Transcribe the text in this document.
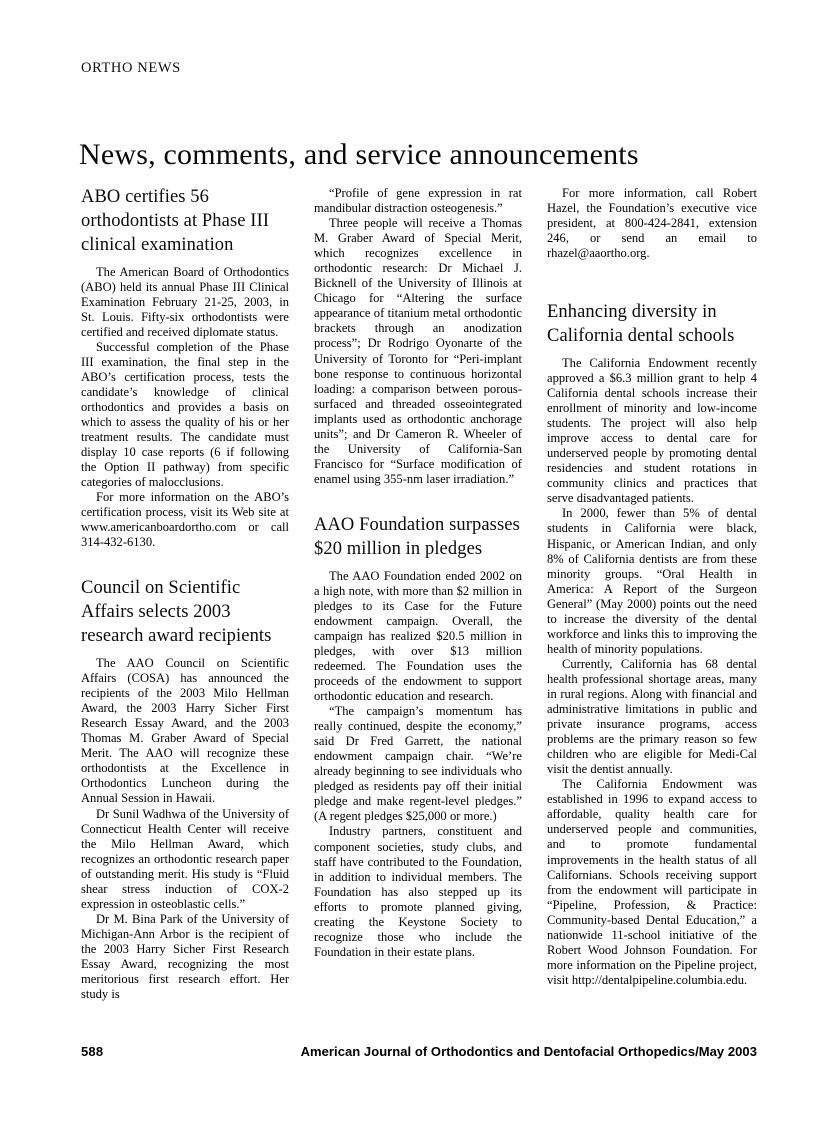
ORTHO NEWS
News, comments, and service announcements
ABO certifies 56 orthodontists at Phase III clinical examination

The American Board of Orthodontics (ABO) held its annual Phase III Clinical Examination February 21-25, 2003, in St. Louis. Fifty-six orthodontists were certified and received diplomate status.

Successful completion of the Phase III examination, the final step in the ABO’s certification process, tests the candidate’s knowledge of clinical orthodontics and provides a basis on which to assess the quality of his or her treatment results. The candidate must display 10 case reports (6 if following the Option II pathway) from specific categories of malocclusions.

For more information on the ABO’s certification process, visit its Web site at www.americanboardortho.com or call 314-432-6130.

Council on Scientific Affairs selects 2003 research award recipients

The AAO Council on Scientific Affairs (COSA) has announced the recipients of the 2003 Milo Hellman Award, the 2003 Harry Sicher First Research Essay Award, and the 2003 Thomas M. Graber Award of Special Merit. The AAO will recognize these orthodontists at the Excellence in Orthodontics Luncheon during the Annual Session in Hawaii.

Dr Sunil Wadhwa of the University of Connecticut Health Center will receive the Milo Hellman Award, which recognizes an orthodontic research paper of outstanding merit. His study is “Fluid shear stress induction of COX-2 expression in osteoblastic cells.”

Dr M. Bina Park of the University of Michigan-Ann Arbor is the recipient of the 2003 Harry Sicher First Research Essay Award, recognizing the most meritorious first research effort. Her study is

“Profile of gene expression in rat mandibular distraction osteogenesis.”

Three people will receive a Thomas M. Graber Award of Special Merit, which recognizes excellence in orthodontic research: Dr Michael J. Bicknell of the University of Illinois at Chicago for “Altering the surface appearance of titanium metal orthodontic brackets through an anodization process”; Dr Rodrigo Oyonarte of the University of Toronto for “Peri-implant bone response to continuous horizontal loading: a comparison between porous-surfaced and threaded osseointegrated implants used as orthodontic anchorage units”; and Dr Cameron R. Wheeler of the University of California-San Francisco for “Surface modification of enamel using 355-nm laser irradiation.”

AAO Foundation surpasses $20 million in pledges

The AAO Foundation ended 2002 on a high note, with more than $2 million in pledges to its Case for the Future endowment campaign. Overall, the campaign has realized $20.5 million in pledges, with over $13 million redeemed. The Foundation uses the proceeds of the endowment to support orthodontic education and research.

“The campaign’s momentum has really continued, despite the economy,” said Dr Fred Garrett, the national endowment campaign chair. “We’re already beginning to see individuals who pledged as residents pay off their initial pledge and make regent-level pledges.” (A regent pledges $25,000 or more.)

Industry partners, constituent and component societies, study clubs, and staff have contributed to the Foundation, in addition to individual members. The Foundation has also stepped up its efforts to promote planned giving, creating the Keystone Society to recognize those who include the Foundation in their estate plans.

For more information, call Robert Hazel, the Foundation’s executive vice president, at 800-424-2841, extension 246, or send an email to rhazel@aaortho.org.

Enhancing diversity in California dental schools

The California Endowment recently approved a $6.3 million grant to help 4 California dental schools increase their enrollment of minority and low-income students. The project will also help improve access to dental care for underserved people by promoting dental residencies and student rotations in community clinics and practices that serve disadvantaged patients.

In 2000, fewer than 5% of dental students in California were black, Hispanic, or American Indian, and only 8% of California dentists are from these minority groups. “Oral Health in America: A Report of the Surgeon General” (May 2000) points out the need to increase the diversity of the dental workforce and links this to improving the health of minority populations.

Currently, California has 68 dental health professional shortage areas, many in rural regions. Along with financial and administrative limitations in public and private insurance programs, access problems are the primary reason so few children who are eligible for Medi-Cal visit the dentist annually.

The California Endowment was established in 1996 to expand access to affordable, quality health care for underserved people and communities, and to promote fundamental improvements in the health status of all Californians. Schools receiving support from the endowment will participate in “Pipeline, Profession, & Practice: Community-based Dental Education,” a nationwide 11-school initiative of the Robert Wood Johnson Foundation. For more information on the Pipeline project, visit http://dentalpipeline.columbia.edu.

588	American Journal of Orthodontics and Dentofacial Orthopedics/May 2003
